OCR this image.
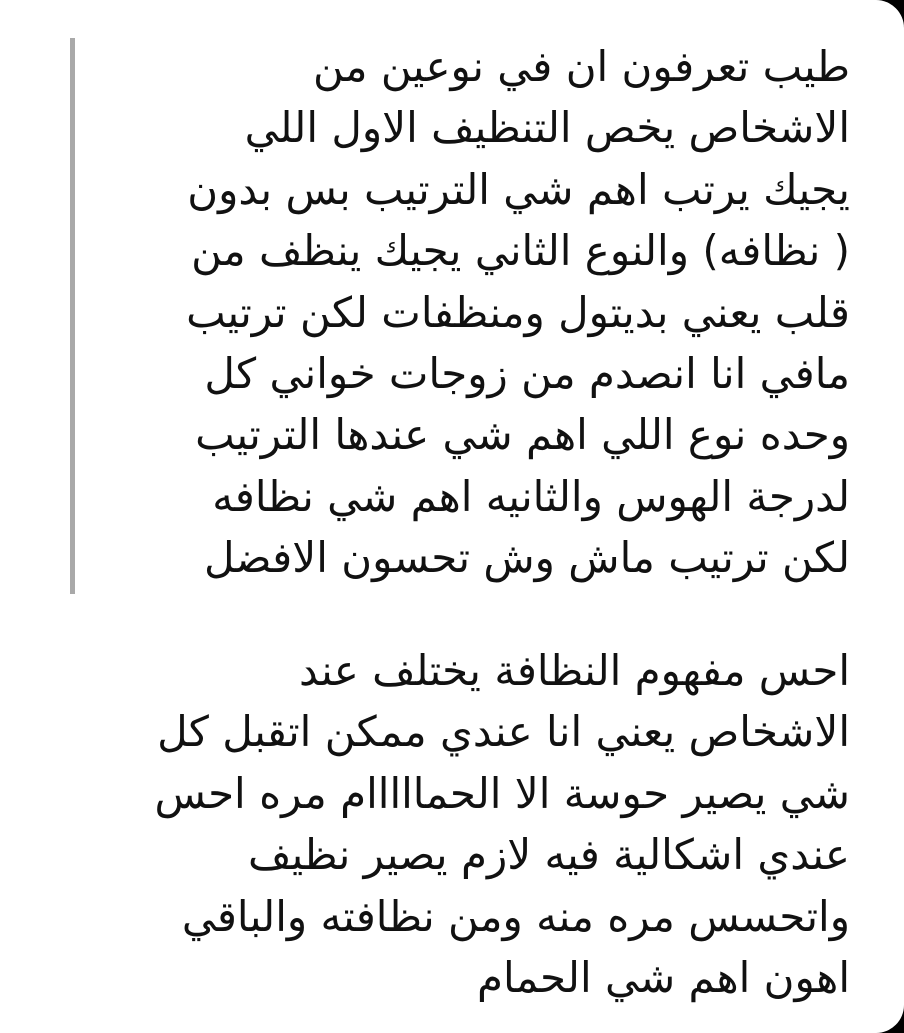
طيب تعرفون ان في نوعين من
الاشخاص يخص التنظيف الاول اللي
يجيك يرتب اهم شي الترتيب بس بدون
( نظافه) والنوع الثاني يجيك ينظف من
قلب يعني بديتول ومنظفات لكن ترتيب
مافي انا انصدم من زوجات خواني كل
وحده نوع اللي اهم شي عندها الترتيب
لدرجة الهوس والثانيه اهم شي نظافه
لكن ترتيب ماش وش تحسون الافضل
احس مفهوم النظافة يختلف عند
الاشخاص يعني انا عندي ممكن اتقبل كل
شي يصير حوسة الا الحمااااام مره احس
عندي اشكالية فيه لازم يصير نظيف
واتحسس مره منه ومن نظافته والباقي
اهون اهم شي الحمام
